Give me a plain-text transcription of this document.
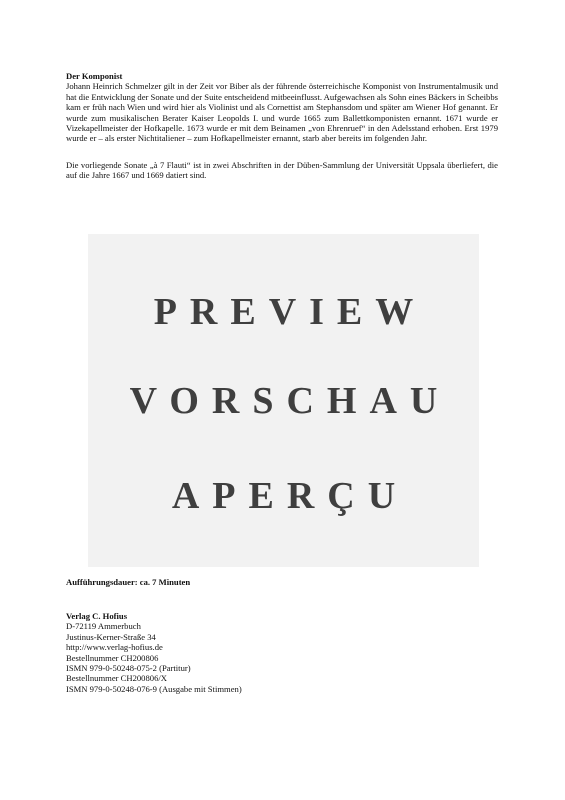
Der Komponist

Johann Heinrich Schmelzer gilt in der Zeit vor Biber als der führende österreichische Komponist von Instrumentalmusik und hat die Entwicklung der Sonate und der Suite entscheidend mitbeeinflusst. Aufgewachsen als Sohn eines Bäckers in Scheibbs kam er früh nach Wien und wird hier als Violinist und als Cornettist am Stephansdom und später am Wiener Hof genannt. Er wurde zum musikalischen Berater Kaiser Leopolds I. und wurde 1665 zum Ballettkomponisten ernannt. 1671 wurde er Vizekapellmeister der Hofkapelle. 1673 wurde er mit dem Beinamen „von Ehrenruef“ in den Adelsstand erhoben. Erst 1979 wurde er – als erster Nichtitaliener – zum Hofkapellmeister ernannt, starb aber bereits im folgenden Jahr.

Die vorliegende Sonate „à 7 Flauti“ ist in zwei Abschriften in der Düben-Sammlung der Universität Uppsala überliefert, die auf die Jahre 1667 und 1669 datiert sind.

PREVIEW
VORSCHAU
APERÇU
Aufführungsdauer: ca. 7 Minuten
Verlag C. Hofius
D-72119 Ammerbuch
Justinus-Kerner-Straße 34
http://www.verlag-hofius.de
Bestellnummer CH200806
ISMN 979-0-50248-075-2 (Partitur)
Bestellnummer CH200806/X
ISMN 979-0-50248-076-9 (Ausgabe mit Stimmen)
